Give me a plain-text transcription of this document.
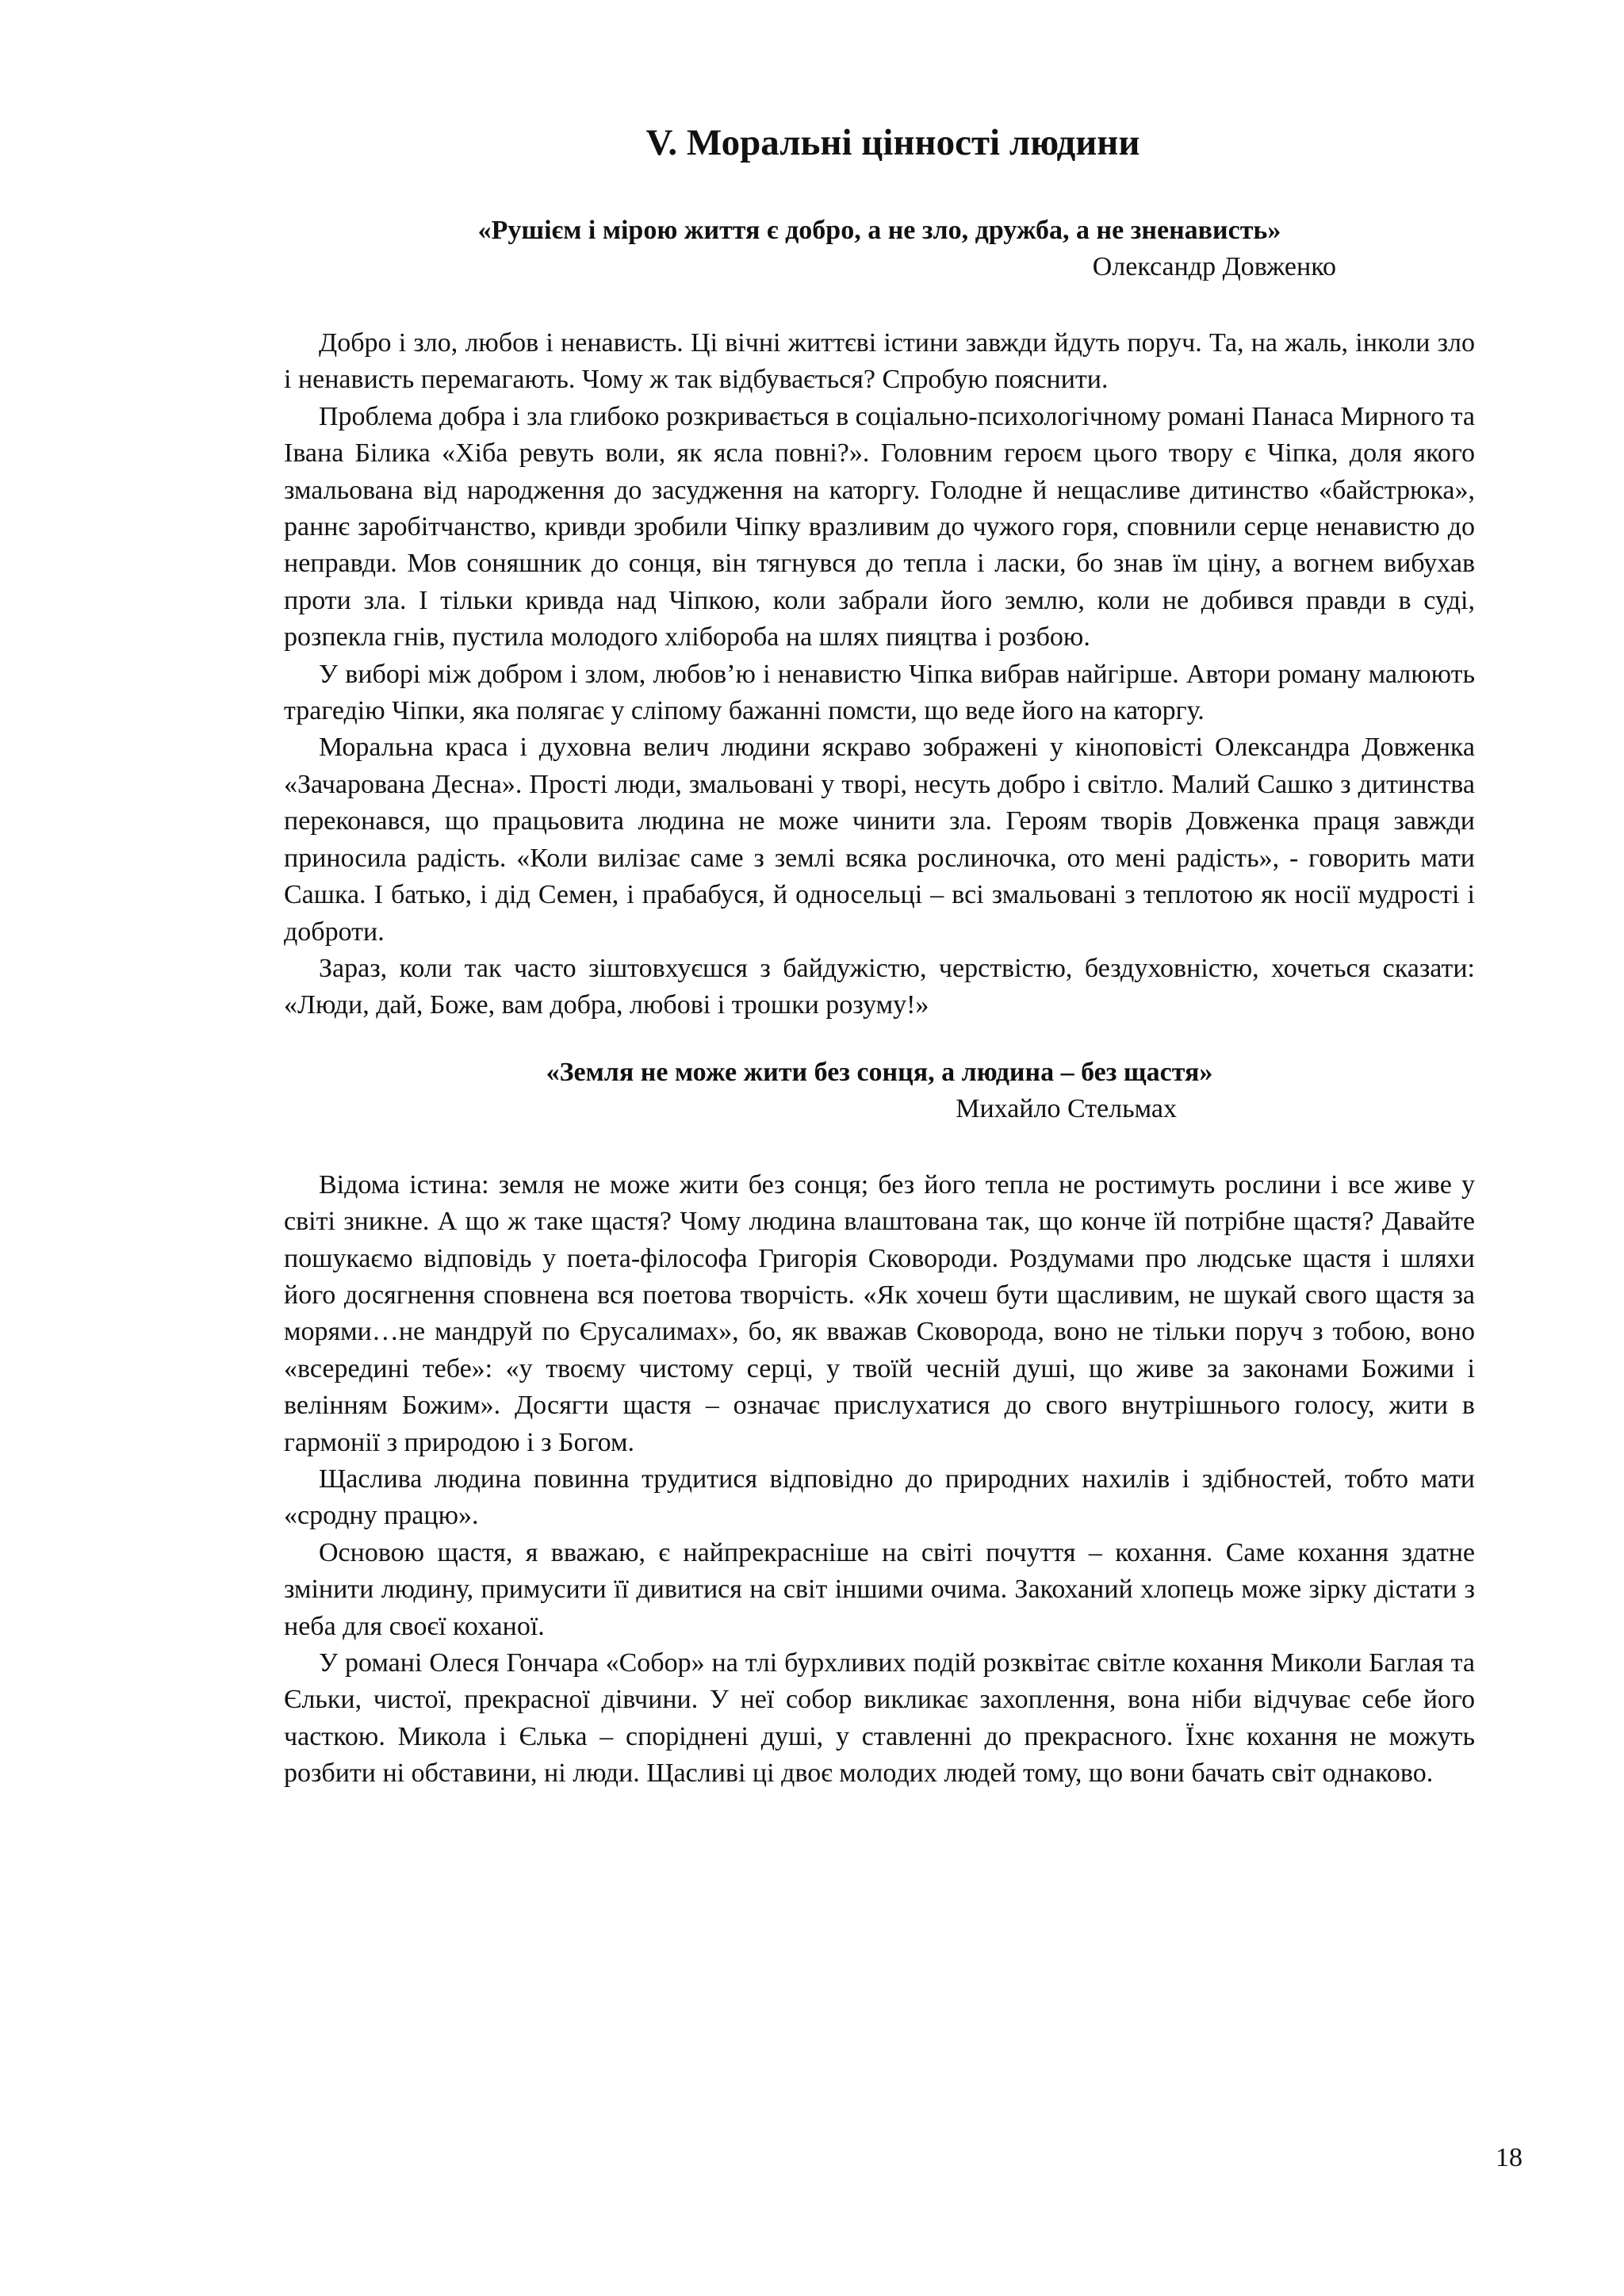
V. Моральні цінності людини

«Рушієм і мірою життя є добро, а не зло, дружба, а не зненависть»

Олександр Довженко

Добро і зло, любов і ненависть. Ці вічні життєві істини завжди йдуть поруч. Та, на жаль, інколи зло і ненависть перемагають. Чому ж так відбувається? Спробую пояснити.

Проблема добра і зла глибоко розкривається в соціально-психологічному романі Панаса Мирного та Івана Білика «Хіба ревуть воли, як ясла повні?». Головним героєм цього твору є Чіпка, доля якого змальована від народження до засудження на каторгу. Голодне й нещасливе дитинство «байстрюка», раннє заробітчанство, кривди зробили Чіпку вразливим до чужого горя, сповнили серце ненавистю до неправди. Мов соняшник до сонця, він тягнувся до тепла і ласки, бо знав їм ціну, а вогнем вибухав проти зла. І тільки кривда над Чіпкою, коли забрали його землю, коли не добився правди в суді, розпекла гнів, пустила молодого хлібороба на шлях пияцтва і розбою.

У виборі між добром і злом, любов’ю і ненавистю Чіпка вибрав найгірше. Автори роману малюють трагедію Чіпки, яка полягає у сліпому бажанні помсти, що веде його на каторгу.

Моральна краса і духовна велич людини яскраво зображені у кіноповісті Олександра Довженка «Зачарована Десна». Прості люди, змальовані у творі, несуть добро і світло. Малий Сашко з дитинства переконався, що працьовита людина не може чинити зла. Героям творів Довженка праця завжди приносила радість. «Коли вилізає саме з землі всяка рослиночка, ото мені радість», - говорить мати Сашка. І батько, і дід Семен, і прабабуся, й односельці – всі змальовані з теплотою як носії мудрості і доброти.

Зараз, коли так часто зіштовхуєшся з байдужістю, черствістю, бездуховністю, хочеться сказати: «Люди, дай, Боже, вам добра, любові і трошки розуму!»

«Земля не може жити без сонця, а людина – без щастя»

Михайло Стельмах

Відома істина: земля не може жити без сонця; без його тепла не ростимуть рослини і все живе у світі зникне. А що ж таке щастя? Чому людина влаштована так, що конче їй потрібне щастя? Давайте пошукаємо відповідь у поета-філософа Григорія Сковороди. Роздумами про людське щастя і шляхи його досягнення сповнена вся поетова творчість. «Як хочеш бути щасливим, не шукай свого щастя за морями…не мандруй по Єрусалимах», бо, як вважав Сковорода, воно не тільки поруч з тобою, воно «всередині тебе»: «у твоєму чистому серці, у твоїй чесній душі, що живе за законами Божими і велінням Божим». Досягти щастя – означає прислухатися до свого внутрішнього голосу, жити в гармонії з природою і з Богом.

Щаслива людина повинна трудитися відповідно до природних нахилів і здібностей, тобто мати «сродну працю».

Основою щастя, я вважаю, є найпрекрасніше на світі почуття – кохання. Саме кохання здатне змінити людину, примусити її дивитися на світ іншими очима. Закоханий хлопець може зірку дістати з неба для своєї коханої.

У романі Олеся Гончара «Собор» на тлі бурхливих подій розквітає світле кохання Миколи Баглая та Єльки, чистої, прекрасної дівчини. У неї собор викликає захоплення, вона ніби відчуває себе його часткою. Микола і Єлька – споріднені душі, у ставленні до прекрасного. Їхнє кохання не можуть розбити ні обставини, ні люди. Щасливі ці двоє молодих людей тому, що вони бачать світ однаково.

18
